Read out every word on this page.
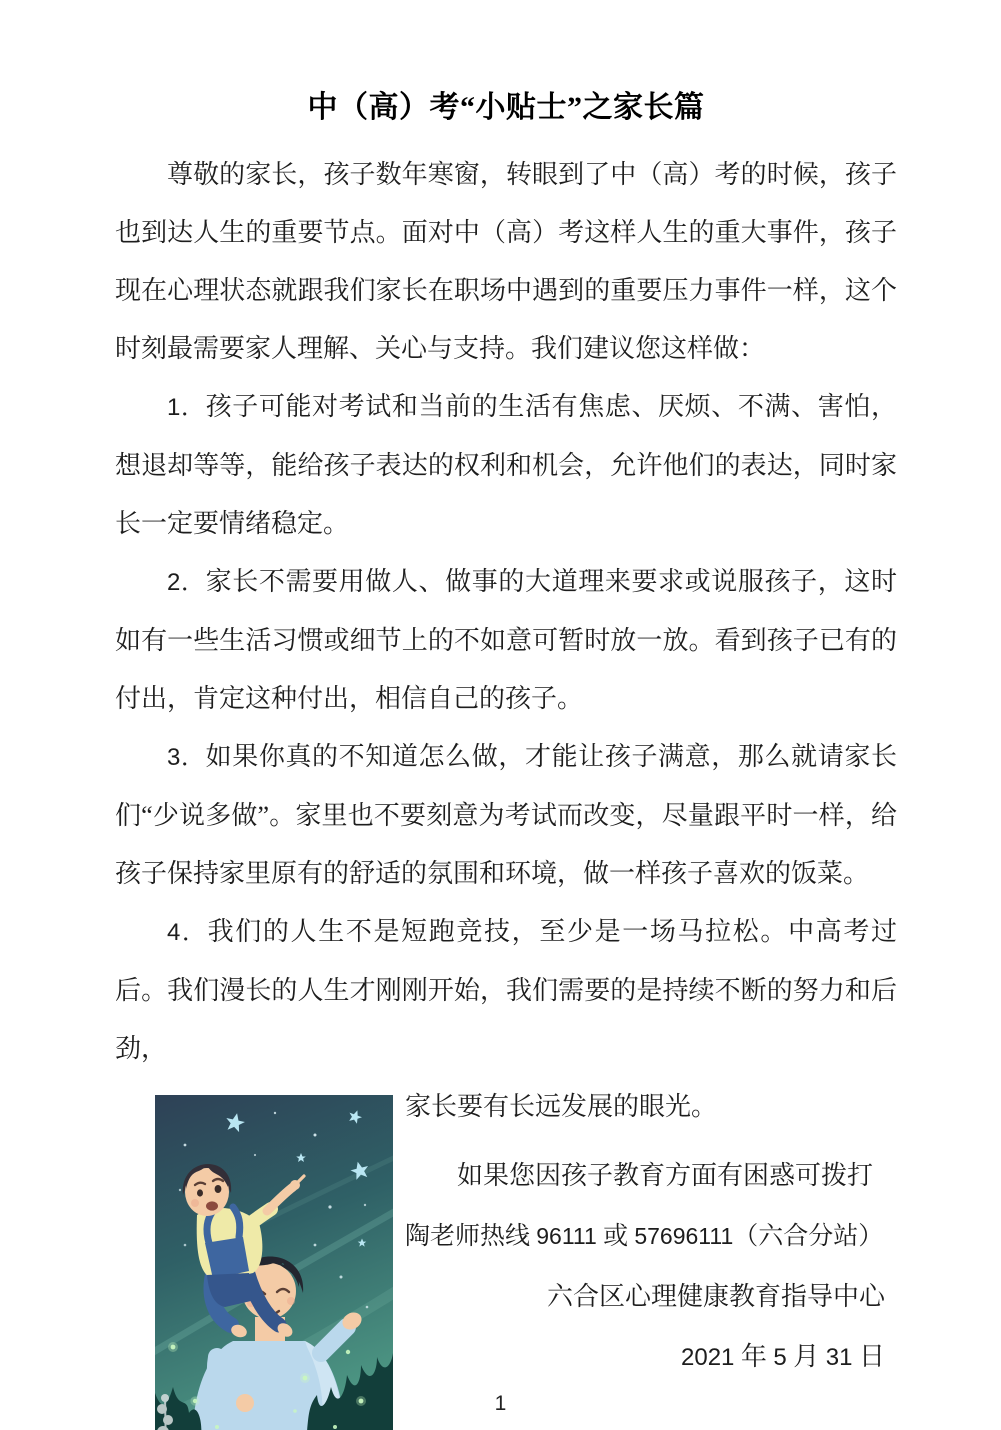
中（高）考“小贴士”之家长篇

尊敬的家长，孩子数年寒窗，转眼到了中（高）考的时候，孩子也到达人生的重要节点。面对中（高）考这样人生的重大事件，孩子现在心理状态就跟我们家长在职场中遇到的重要压力事件一样，这个时刻最需要家人理解、关心与支持。我们建议您这样做：

1．孩子可能对考试和当前的生活有焦虑、厌烦、不满、害怕，想退却等等，能给孩子表达的权利和机会，允许他们的表达，同时家长一定要情绪稳定。

2．家长不需要用做人、做事的大道理来要求或说服孩子，这时如有一些生活习惯或细节上的不如意可暂时放一放。看到孩子已有的付出，肯定这种付出，相信自己的孩子。

3．如果你真的不知道怎么做，才能让孩子满意，那么就请家长们“少说多做”。家里也不要刻意为考试而改变，尽量跟平时一样，给孩子保持家里原有的舒适的氛围和环境，做一样孩子喜欢的饭菜。

4．我们的人生不是短跑竞技，至少是一场马拉松。中高考过后。我们漫长的人生才刚刚开始，我们需要的是持续不断的努力和后劲，

家长要有长远发展的眼光。
如果您因孩子教育方面有困惑可拨打
陶老师热线 96111 或 57696111（六合分站）
六合区心理健康教育指导中心
2021 年 5 月 31 日
1
